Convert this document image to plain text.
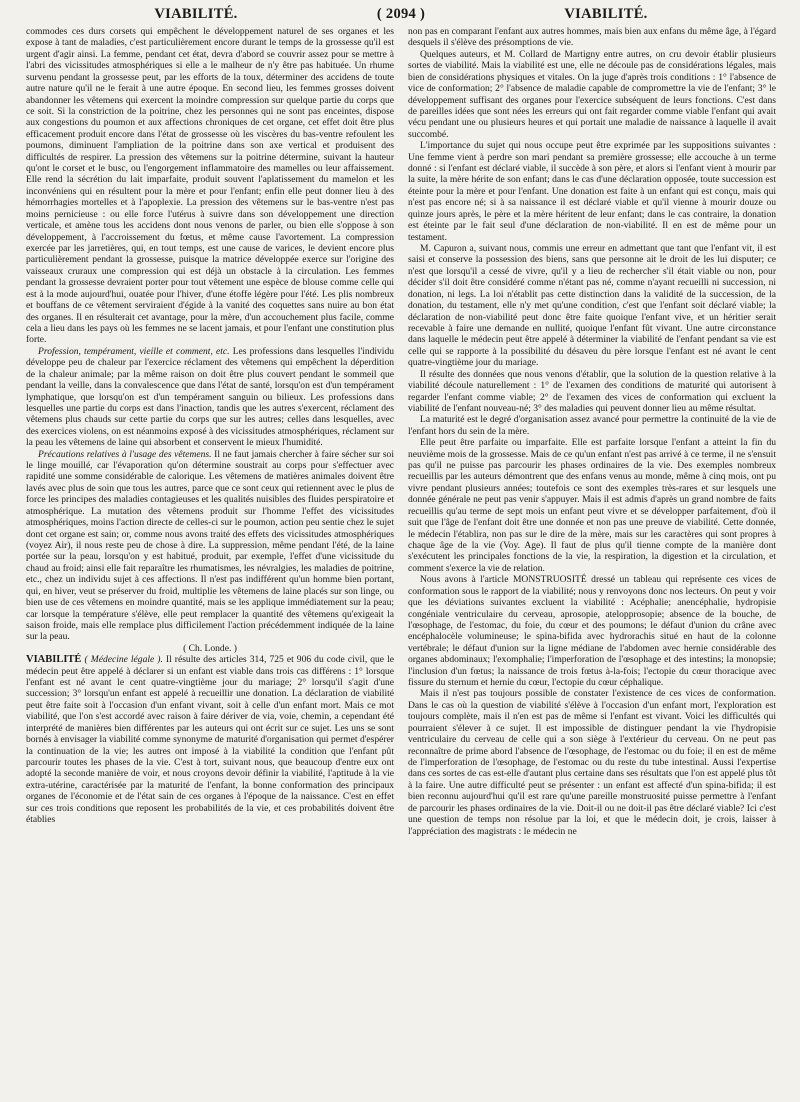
VIABILITÉ.	( 2094 )	VIABILITÉ.

commodes ces durs corsets qui empêchent le développement naturel de ses organes et les expose à tant de maladies, c'est particulièrement encore durant le temps de la grossesse qu'il est urgent d'agir ainsi. La femme, pendant cet état, devra d'abord se couvrir assez pour se mettre à l'abri des vicissitudes atmosphériques si elle a le malheur de n'y être pas habituée. Un rhume survenu pendant la grossesse peut, par les efforts de la toux, déterminer des accidens de toute autre nature qu'il ne le ferait à une autre époque. En second lieu, les femmes grosses doivent abandonner les vêtemens qui exercent la moindre compression sur quelque partie du corps que ce soit. Si la constriction de la poitrine, chez les personnes qui ne sont pas enceintes, dispose aux congestions du poumon et aux affections chroniques de cet organe, cet effet doit être plus efficacement produit encore dans l'état de grossesse où les viscères du bas-ventre refoulent les poumons, diminuent l'ampliation de la poitrine dans son axe vertical et produisent des difficultés de respirer. La pression des vêtemens sur la poitrine détermine, suivant la hauteur qu'ont le corset et le busc, ou l'engorgement inflammatoire des mamelles ou leur affaissement. Elle rend la sécrétion du lait imparfaite, produit souvent l'aplatissement du mamelon et les inconvéniens qui en résultent pour la mère et pour l'enfant; enfin elle peut donner lieu à des hémorrhagies mortelles et à l'apoplexie. La pression des vêtemens sur le bas-ventre n'est pas moins pernicieuse : ou elle force l'utérus à suivre dans son développement une direction verticale, et amène tous les accidens dont nous venons de parler, ou bien elle s'oppose à son développement, à l'accroissement du fœtus, et même cause l'avortement. La compression exercée par les jarretières, qui, en tout temps, est une cause de varices, le devient encore plus particulièrement pendant la grossesse, puisque la matrice développée exerce sur l'origine des vaisseaux cruraux une compression qui est déjà un obstacle à la circulation. Les femmes pendant la grossesse devraient porter pour tout vêtement une espèce de blouse comme celle qui est à la mode aujourd'hui, ouatée pour l'hiver, d'une étoffe légère pour l'été. Les plis nombreux et bouffans de ce vêtement serviraient d'égide à la vanité des coquettes sans nuire au bon état des organes. Il en résulterait cet avantage, pour la mère, d'un accouchement plus facile, comme cela a lieu dans les pays où les femmes ne se lacent jamais, et pour l'enfant une constitution plus forte.

Profession, tempérament, vieille et comment, etc. Les professions dans lesquelles l'individu développe peu de chaleur par l'exercice réclament des vêtemens qui empêchent la déperdition de la chaleur animale; par la même raison on doit être plus couvert pendant le sommeil que pendant la veille, dans la convalescence que dans l'état de santé, lorsqu'on est d'un tempérament lymphatique, que lorsqu'on est d'un tempérament sanguin ou bilieux. Les professions dans lesquelles une partie du corps est dans l'inaction, tandis que les autres s'exercent, réclament des vêtemens plus chauds sur cette partie du corps que sur les autres; celles dans lesquelles, avec des exercices violens, on est néanmoins exposé à des vicissitudes atmosphériques, réclament sur la peau les vêtemens de laine qui absorbent et conservent le mieux l'humidité.

Précautions relatives à l'usage des vêtemens. Il ne faut jamais chercher à faire sécher sur soi le linge mouillé, car l'évaporation qu'on détermine soustrait au corps pour s'effectuer avec rapidité une somme considérable de calorique. Les vêtemens de matières animales doivent être lavés avec plus de soin que tous les autres, parce que ce sont ceux qui retiennent avec le plus de force les principes des maladies contagieuses et les qualités nuisibles des fluides perspiratoire et atmosphérique. La mutation des vêtemens produit sur l'homme l'effet des vicissitudes atmosphériques, moins l'action directe de celles-ci sur le poumon, action peu sentie chez le sujet dont cet organe est sain; or, comme nous avons traité des effets des vicissitudes atmosphériques (voyez Air), il nous reste peu de chose à dire. La suppression, même pendant l'été, de la laine portée sur la peau, lorsqu'on y est habitué, produit, par exemple, l'effet d'une vicissitude du chaud au froid; ainsi elle fait reparaître les rhumatismes, les névralgies, les maladies de poitrine, etc., chez un individu sujet à ces affections. Il n'est pas indifférent qu'un homme bien portant, qui, en hiver, veut se préserver du froid, multiplie les vêtemens de laine placés sur son linge, ou bien use de ces vêtemens en moindre quantité, mais se les applique immédiatement sur la peau; car lorsque la température s'élève, elle peut remplacer la quantité des vêtemens qu'exigeait la saison froide, mais elle remplace plus difficilement l'action précédemment indiquée de la laine sur la peau.

( Ch. Londe. )

VIABILITÉ ( Médecine légale ). Il résulte des articles 314, 725 et 906 du code civil, que le médecin peut être appelé à déclarer si un enfant est viable dans trois cas différens : 1° lorsque l'enfant est né avant le cent quatre-vingtième jour du mariage; 2° lorsqu'il s'agit d'une succession; 3° lorsqu'un enfant est appelé à recueillir une donation. La déclaration de viabilité peut être faite soit à l'occasion d'un enfant vivant, soit à celle d'un enfant mort. Mais ce mot viabilité, que l'on s'est accordé avec raison à faire dériver de via, voie, chemin, a cependant été interprété de manières bien différentes par les auteurs qui ont écrit sur ce sujet. Les uns se sont bornés à envisager la viabilité comme synonyme de maturité d'organisation qui permet d'espérer la continuation de la vie; les autres ont imposé à la viabilité la condition que l'enfant pût parcourir toutes les phases de la vie. C'est à tort, suivant nous, que beaucoup d'entre eux ont adopté la seconde manière de voir, et nous croyons devoir définir la viabilité, l'aptitude à la vie extra-utérine, caractérisée par la maturité de l'enfant, la bonne conformation des principaux organes de l'économie et de l'état sain de ces organes à l'époque de la naissance. C'est en effet sur ces trois conditions que reposent les probabilités de la vie, et ces probabilités doivent être établies

non pas en comparant l'enfant aux autres hommes, mais bien aux enfans du même âge, à l'égard desquels il s'élève des présomptions de vie.

Quelques auteurs, et M. Collard de Martigny entre autres, on cru devoir établir plusieurs sortes de viabilité. Mais la viabilité est une, elle ne découle pas de considérations légales, mais bien de considérations physiques et vitales. On la juge d'après trois conditions : 1° l'absence de vice de conformation; 2° l'absence de maladie capable de compromettre la vie de l'enfant; 3° le développement suffisant des organes pour l'exercice subséquent de leurs fonctions. C'est dans de pareilles idées que sont nées les erreurs qui ont fait regarder comme viable l'enfant qui avait vécu pendant une ou plusieurs heures et qui portait une maladie de naissance à laquelle il avait succombé.

L'importance du sujet qui nous occupe peut être exprimée par les suppositions suivantes : Une femme vient à perdre son mari pendant sa première grossesse; elle accouche à un terme donné : si l'enfant est déclaré viable, il succède à son père, et alors si l'enfant vient à mourir par la suite, la mère hérite de son enfant; dans le cas d'une déclaration opposée, toute succession est éteinte pour la mère et pour l'enfant. Une donation est faite à un enfant qui est conçu, mais qui n'est pas encore né; si à sa naissance il est déclaré viable et qu'il vienne à mourir douze ou quinze jours après, le père et la mère héritent de leur enfant; dans le cas contraire, la donation est éteinte par le fait seul d'une déclaration de non-viabilité. Il en est de même pour un testament.

M. Capuron a, suivant nous, commis une erreur en admettant que tant que l'enfant vit, il est saisi et conserve la possession des biens, sans que personne ait le droit de les lui disputer; ce n'est que lorsqu'il a cessé de vivre, qu'il y a lieu de rechercher s'il était viable ou non, pour décider s'il doit être considéré comme n'étant pas né, comme n'ayant recueilli ni succession, ni donation, ni legs. La loi n'établit pas cette distinction dans la validité de la succession, de la donation, du testament, elle n'y met qu'une condition, c'est que l'enfant soit déclaré viable; la déclaration de non-viabilité peut donc être faite quoique l'enfant vive, et un héritier serait recevable à faire une demande en nullité, quoique l'enfant fût vivant. Une autre circonstance dans laquelle le médecin peut être appelé à déterminer la viabilité de l'enfant pendant sa vie est celle qui se rapporte à la possibilité du désaveu du père lorsque l'enfant est né avant le cent quatre-vingtième jour du mariage.

Il résulte des données que nous venons d'établir, que la solution de la question relative à la viabilité découle naturellement : 1° de l'examen des conditions de maturité qui autorisent à regarder l'enfant comme viable; 2° de l'examen des vices de conformation qui excluent la viabilité de l'enfant nouveau-né; 3° des maladies qui peuvent donner lieu au même résultat.

La maturité est le degré d'organisation assez avancé pour permettre la continuité de la vie de l'enfant hors du sein de la mère.

Elle peut être parfaite ou imparfaite. Elle est parfaite lorsque l'enfant a atteint la fin du neuvième mois de la grossesse. Mais de ce qu'un enfant n'est pas arrivé à ce terme, il ne s'ensuit pas qu'il ne puisse pas parcourir les phases ordinaires de la vie. Des exemples nombreux recueillis par les auteurs démontrent que des enfans venus au monde, même à cinq mois, ont pu vivre pendant plusieurs années; toutefois ce sont des exemples très-rares et sur lesquels une donnée générale ne peut pas venir s'appuyer. Mais il est admis d'après un grand nombre de faits recueillis qu'au terme de sept mois un enfant peut vivre et se développer parfaitement, d'où il suit que l'âge de l'enfant doit être une donnée et non pas une preuve de viabilité. Cette donnée, le médecin l'établira, non pas sur le dire de la mère, mais sur les caractères qui sont propres à chaque âge de la vie (Voy. Age). Il faut de plus qu'il tienne compte de la manière dont s'exécutent les principales fonctions de la vie, la respiration, la digestion et la circulation, et comment s'exerce la vie de relation.

Nous avons à l'article MONSTRUOSITÉ dressé un tableau qui représente ces vices de conformation sous le rapport de la viabilité; nous y renvoyons donc nos lecteurs. On peut y voir que les déviations suivantes excluent la viabilité : Acéphalie; anencéphalie, hydropisie congéniale ventriculaire du cerveau, aprosopie, atelopprosopie; absence de la bouche, de l'œsophage, de l'estomac, du foie, du cœur et des poumons; le défaut d'union du crâne avec encéphalocèle volumineuse; le spina-bifida avec hydrorachis situé en haut de la colonne vertébrale; le défaut d'union sur la ligne médiane de l'abdomen avec hernie considérable des organes abdominaux; l'exomphalie; l'imperforation de l'œsophage et des intestins; la monopsie; l'inclusion d'un fœtus; la naissance de trois fœtus à-la-fois; l'ectopie du cœur thoracique avec fissure du sternum et hernie du cœur, l'ectopie du cœur céphalique.

Mais il n'est pas toujours possible de constater l'existence de ces vices de conformation. Dans le cas où la question de viabilité s'élève à l'occasion d'un enfant mort, l'exploration est toujours complète, mais il n'en est pas de même si l'enfant est vivant. Voici les difficultés qui pourraient s'élever à ce sujet. Il est impossible de distinguer pendant la vie l'hydropisie ventriculaire du cerveau de celle qui a son siège à l'extérieur du cerveau. On ne peut pas reconnaître de prime abord l'absence de l'œsophage, de l'estomac ou du foie; il en est de même de l'imperforation de l'œsophage, de l'estomac ou du reste du tube intestinal. Aussi l'expertise dans ces sortes de cas est-elle d'autant plus certaine dans ses résultats que l'on est appelé plus tôt à la faire. Une autre difficulté peut se présenter : un enfant est affecté d'un spina-bifida; il est bien reconnu aujourd'hui qu'il est rare qu'une pareille monstruosité puisse permettre à l'enfant de parcourir les phases ordinaires de la vie. Doit-il ou ne doit-il pas être déclaré viable? Ici c'est une question de temps non résolue par la loi, et que le médecin doit, je crois, laisser à l'appréciation des magistrats : le médecin ne
